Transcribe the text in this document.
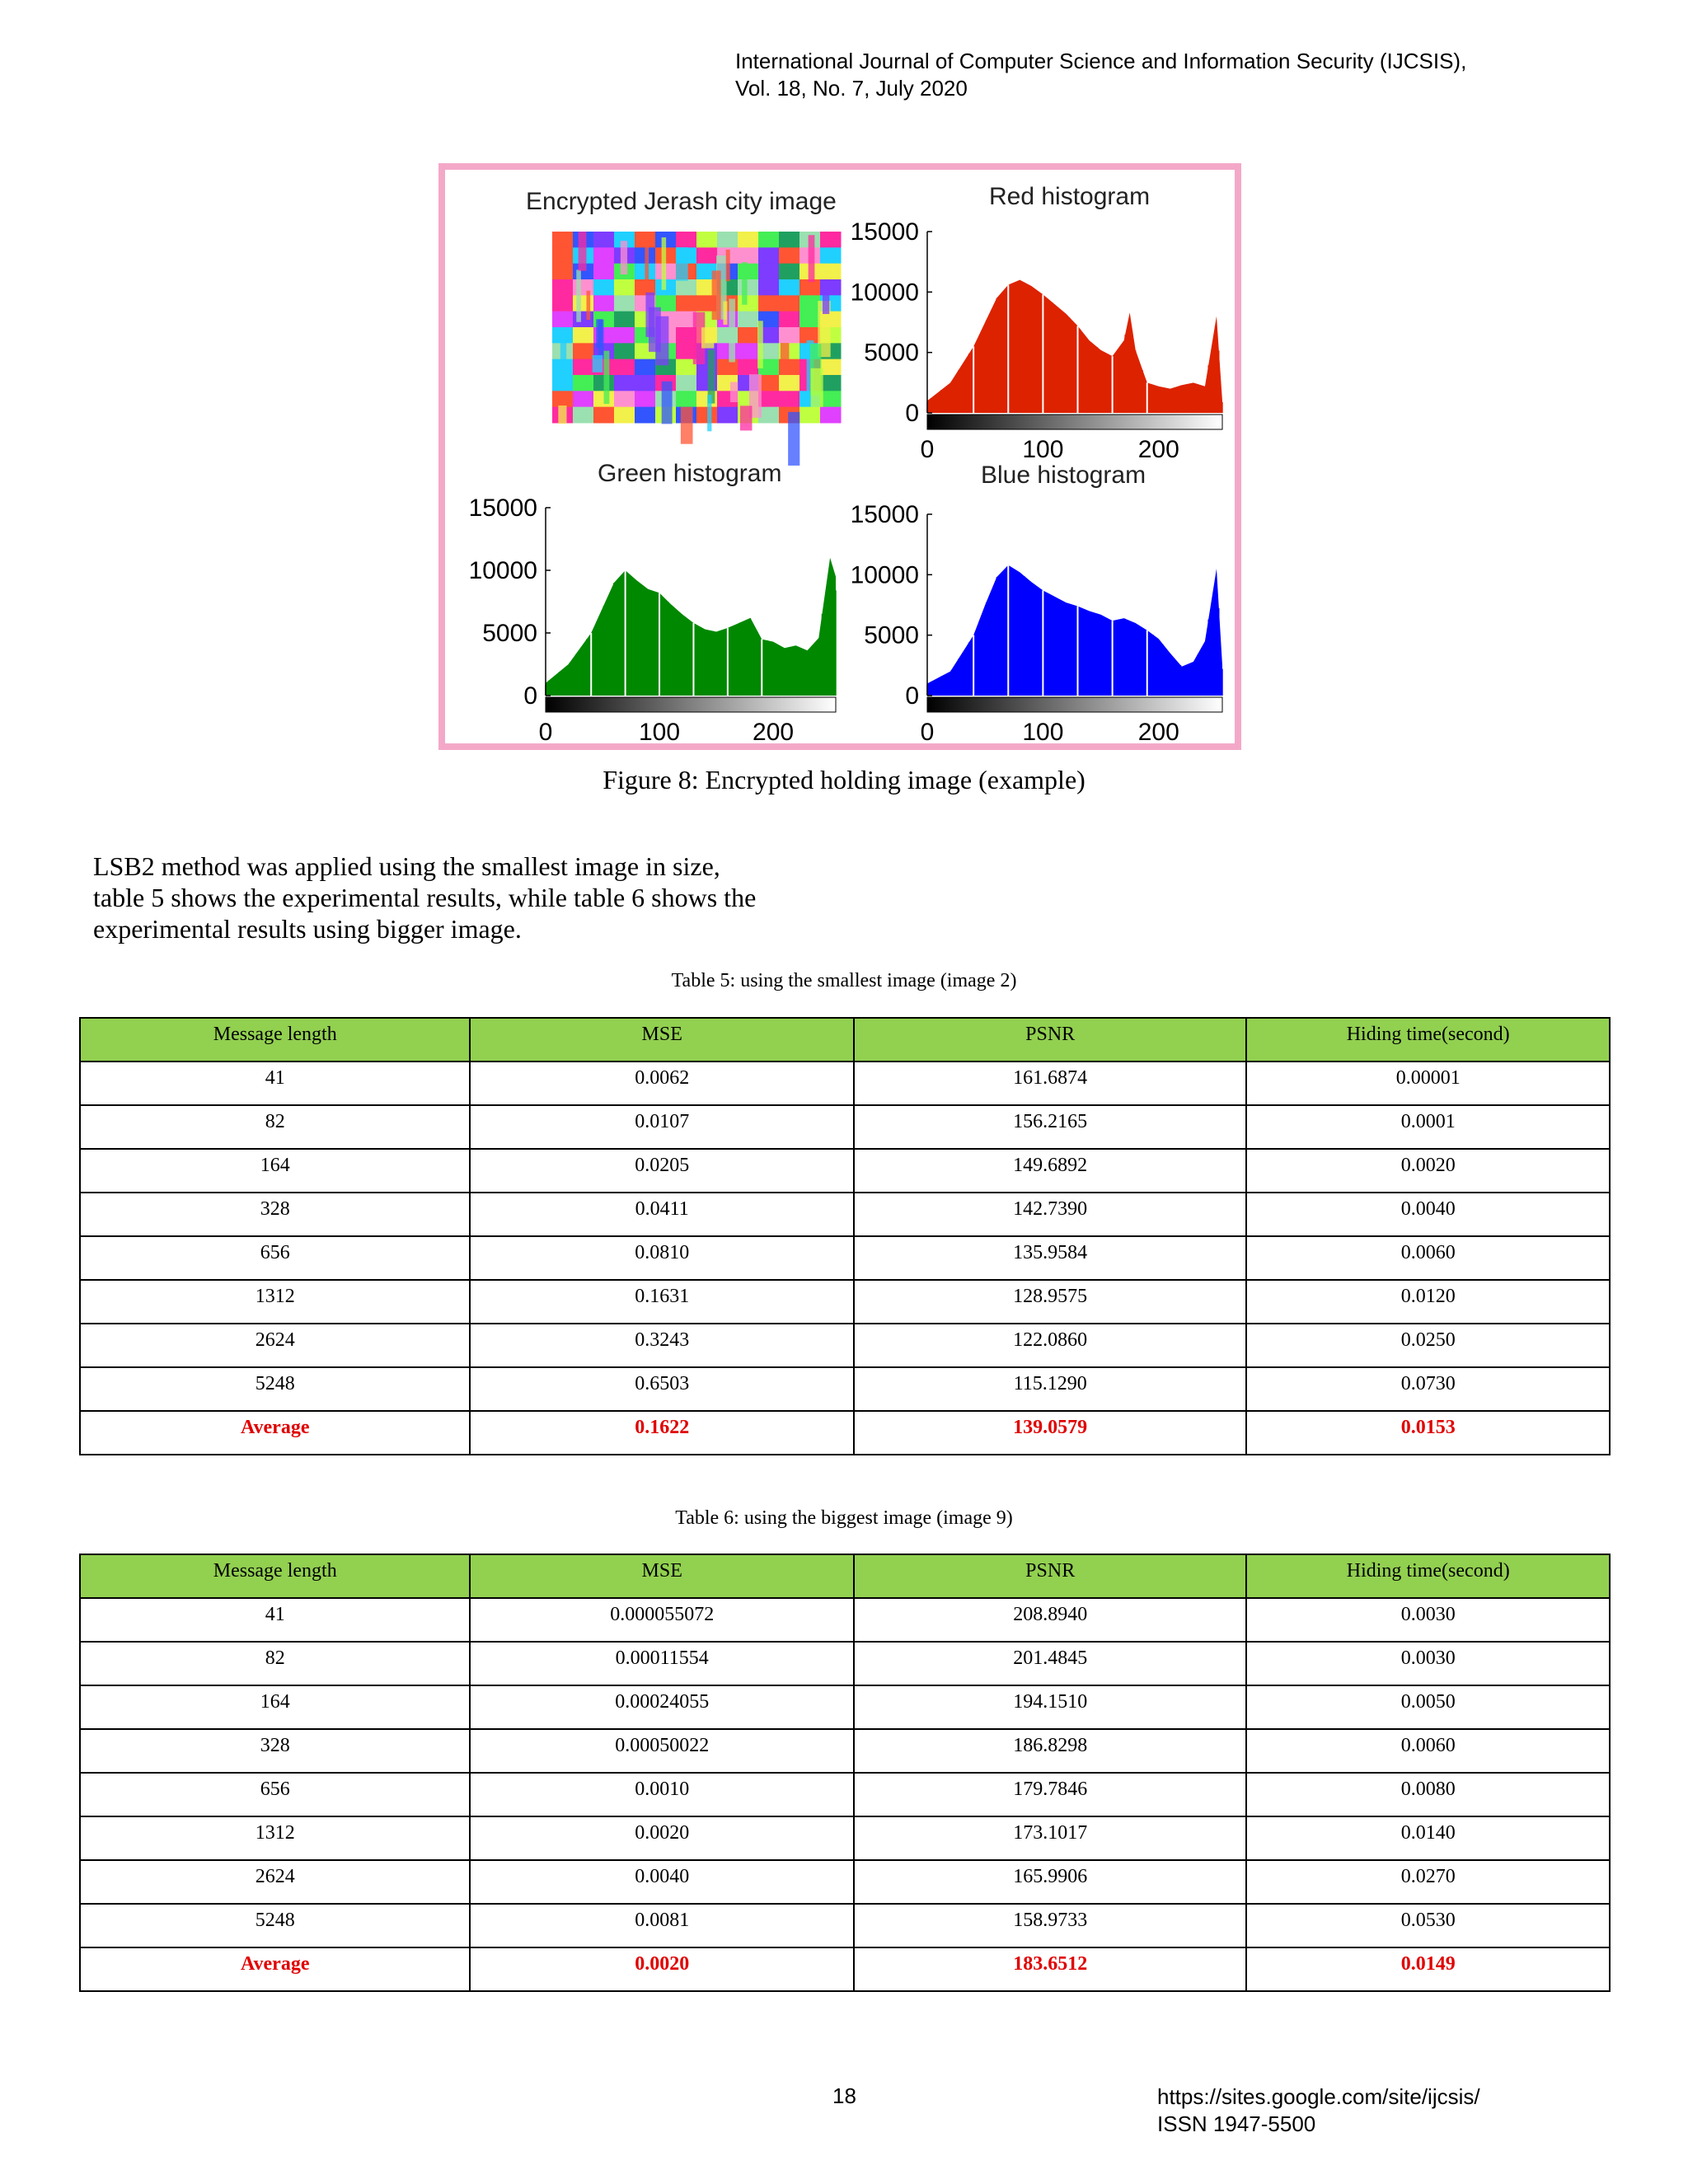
International Journal of Computer Science and Information Security (IJCSIS),
Vol. 18, No. 7, July 2020
Encrypted Jerash city image	Red histogram
0
5000
10000
15000
0	100	200
Green histogram
0
5000
10000
15000
0	100	200
Blue histogram
0
5000
10000
15000
0	100	200
Figure 8: Encrypted holding image (example)
LSB2 method was applied using the smallest image in size,
table 5 shows the experimental results, while table 6 shows the
experimental results using bigger image.
Table 5: using the smallest image (image 2)
Message length	MSE	PSNR	Hiding time(second)
41	0.0062	161.6874	0.00001
82	0.0107	156.2165	0.0001
164	0.0205	149.6892	0.0020
328	0.0411	142.7390	0.0040
656	0.0810	135.9584	0.0060
1312	0.1631	128.9575	0.0120
2624	0.3243	122.0860	0.0250
5248	0.6503	115.1290	0.0730
Average	0.1622	139.0579	0.0153
Table 6: using the biggest image (image 9)
Message length	MSE	PSNR	Hiding time(second)
41	0.000055072	208.8940	0.0030
82	0.00011554	201.4845	0.0030
164	0.00024055	194.1510	0.0050
328	0.00050022	186.8298	0.0060
656	0.0010	179.7846	0.0080
1312	0.0020	173.1017	0.0140
2624	0.0040	165.9906	0.0270
5248	0.0081	158.9733	0.0530
Average	0.0020	183.6512	0.0149
18	https://sites.google.com/site/ijcsis/
ISSN 1947-5500
